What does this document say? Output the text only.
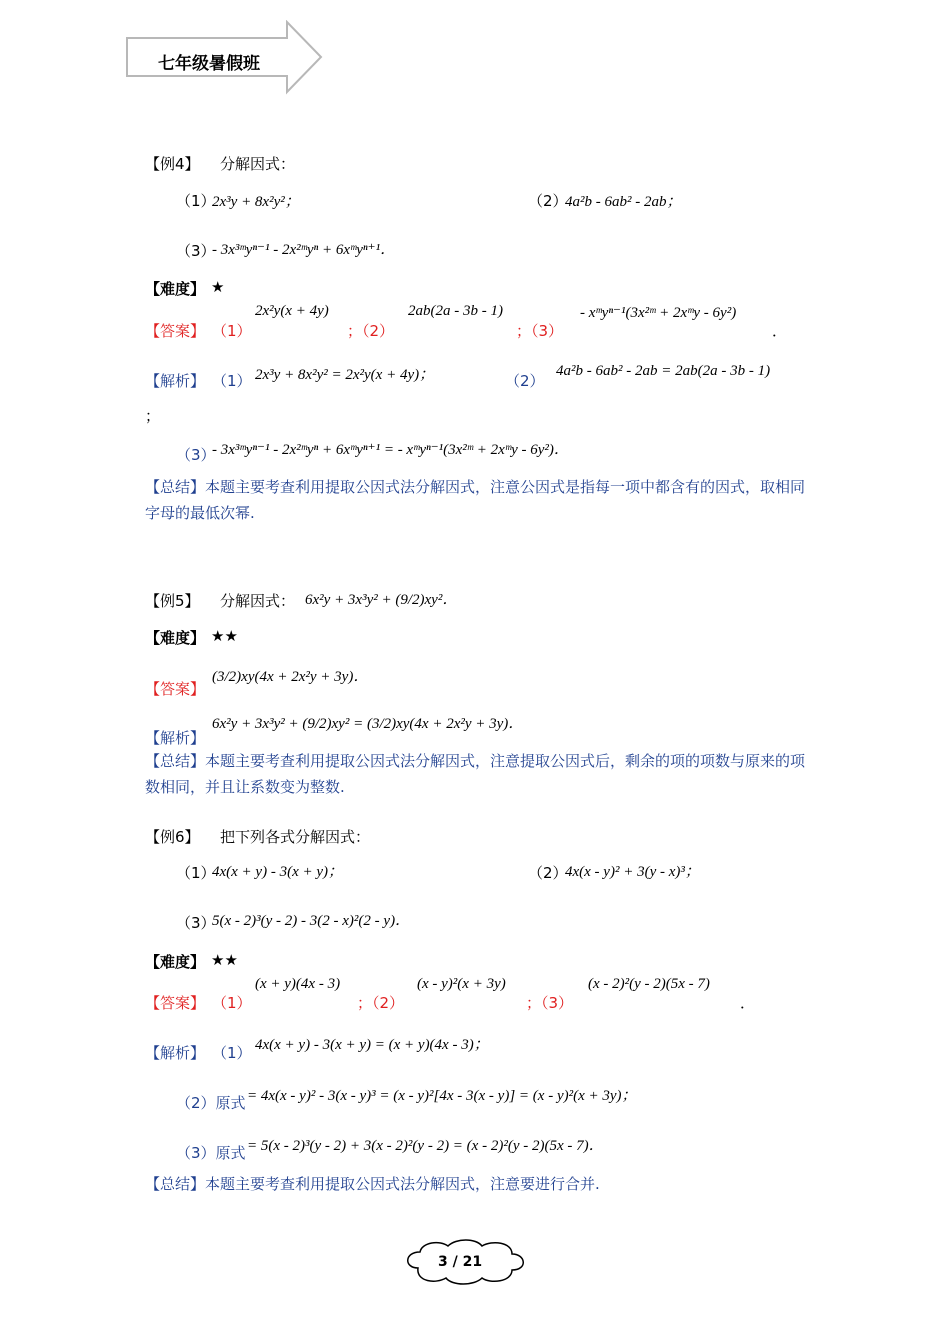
七年级暑假班
【例4】 分解因式：
（1）
2x³y + 8x²y²；	（2）
4a²b - 6ab² - 2ab；
（3）
- 3x³ᵐyⁿ⁻¹ - 2x²ᵐyⁿ + 6xᵐyⁿ⁺¹．
【难度】 ★
【答案】 （1）
2x²y(x + 4y)
；（2）
2ab(2a - 3b - 1)
；（3）
- xᵐyⁿ⁻¹(3x²ᵐ + 2xᵐy - 6y²)
．
【解析】 （1） 2x³y + 8x²y² = 2x²y(x + 4y)；	（2）
4a²b - 6ab² - 2ab = 2ab(2a - 3b - 1)
；
（3）
- 3x³ᵐyⁿ⁻¹ - 2x²ᵐyⁿ + 6xᵐyⁿ⁺¹ = - xᵐyⁿ⁻¹(3x²ᵐ + 2xᵐy - 6y²)．
【总结】本题主要考查利用提取公因式法分解因式，注意公因式是指每一项中都含有的因式，取相同字母的最低次幂.
【例5】 分解因式： 6x²y + 3x³y² + (9/2)xy²．
【难度】 ★★
【答案】
(3/2)xy(4x + 2x²y + 3y)．
【解析】
6x²y + 3x³y² + (9/2)xy² = (3/2)xy(4x + 2x²y + 3y)．
【总结】本题主要考查利用提取公因式法分解因式，注意提取公因式后，剩余的项的项数与原来的项数相同，并且让系数变为整数.
【例6】 把下列各式分解因式：
（1）
4x(x + y) - 3(x + y)；	（2）
4x(x - y)² + 3(y - x)³；
（3）
5(x - 2)³(y - 2) - 3(2 - x)²(2 - y)．
【难度】 ★★
【答案】 （1）
(x + y)(4x - 3)
；（2）
(x - y)²(x + 3y)
；（3）
(x - 2)²(y - 2)(5x - 7)
．
【解析】 （1） 4x(x + y) - 3(x + y) = (x + y)(4x - 3)；
（2）原式 = 4x(x - y)² - 3(x - y)³ = (x - y)²[4x - 3(x - y)] = (x - y)²(x + 3y)；
（3）原式 = 5(x - 2)³(y - 2) + 3(x - 2)²(y - 2) = (x - 2)²(y - 2)(5x - 7)．
【总结】本题主要考查利用提取公因式法分解因式，注意要进行合并.
3 / 21
